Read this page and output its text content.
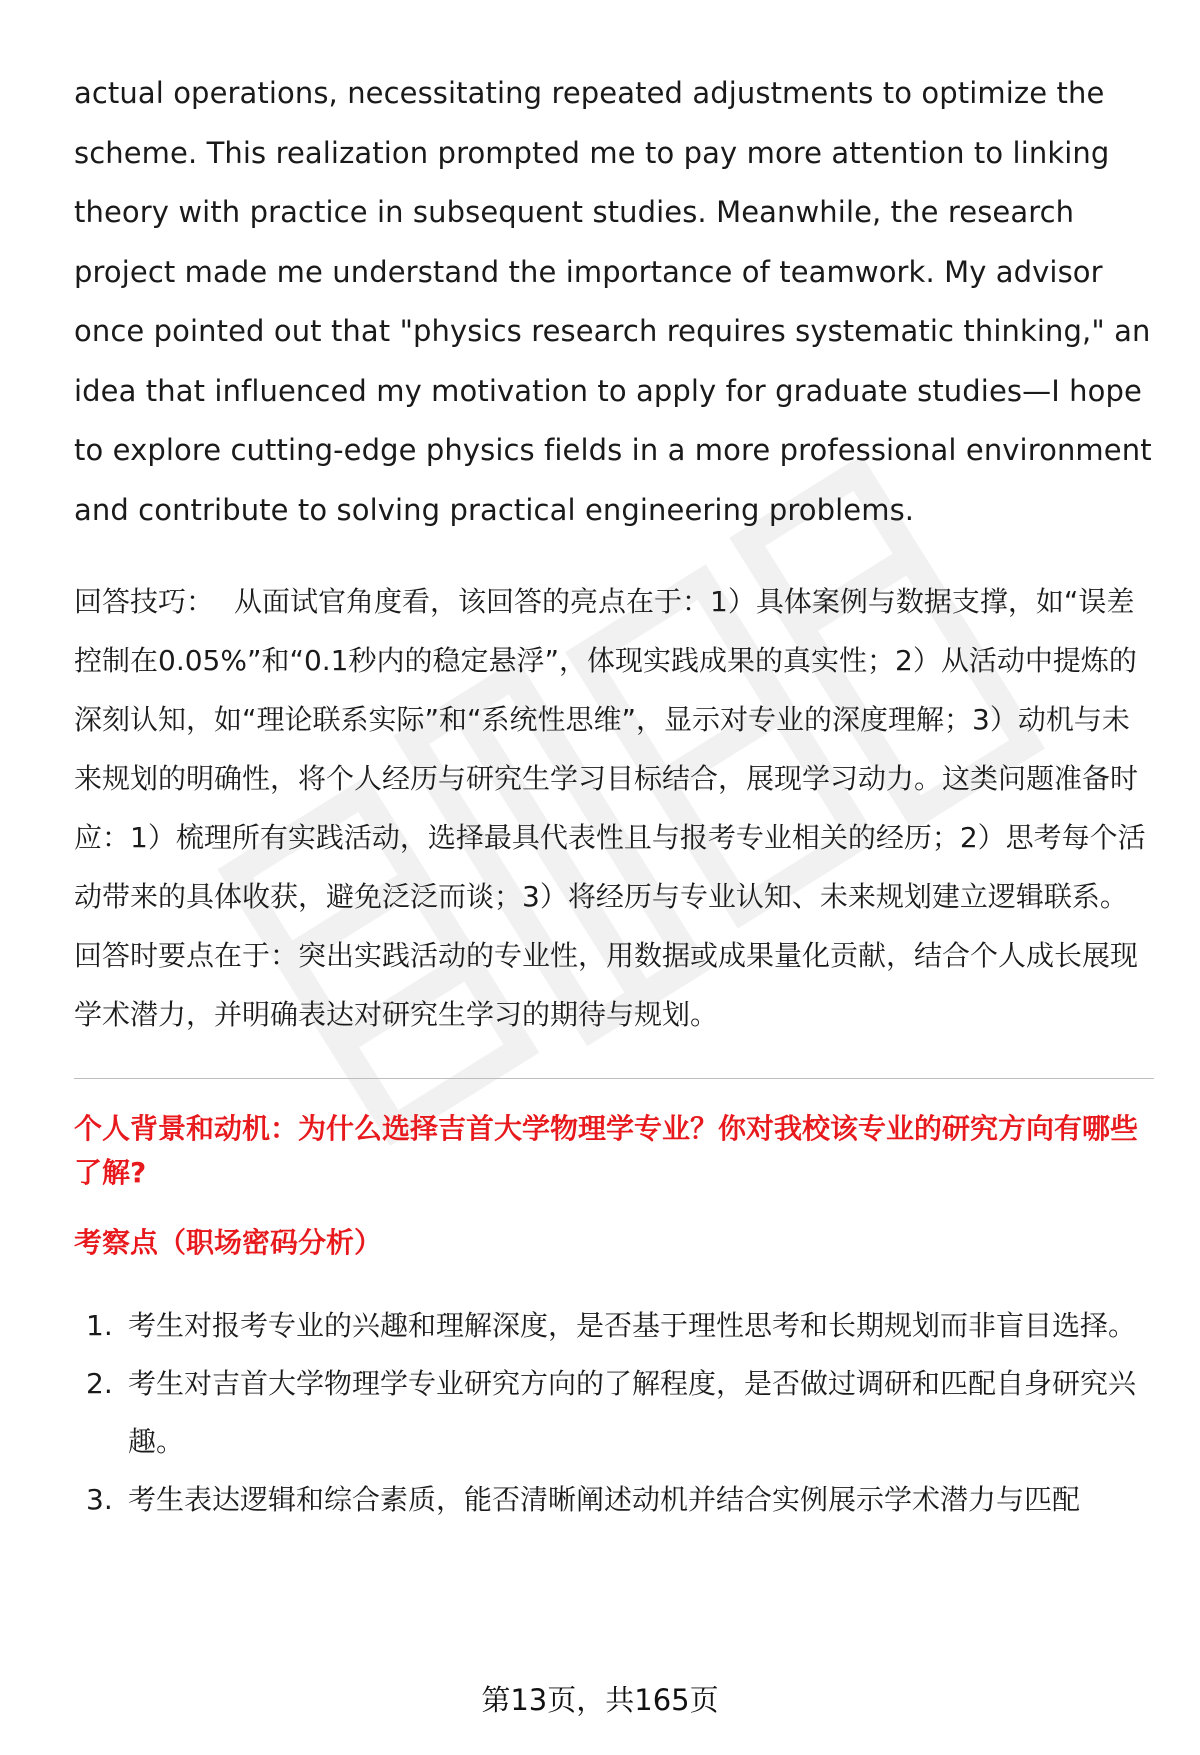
actual operations, necessitating repeated adjustments to optimize the scheme. This realization prompted me to pay more attention to linking theory with practice in subsequent studies. Meanwhile, the research project made me understand the importance of teamwork. My advisor once pointed out that "physics research requires systematic thinking," an idea that influenced my motivation to apply for graduate studies—I hope to explore cutting-edge physics fields in a more professional environment and contribute to solving practical engineering problems.

回答技巧： 从面试官角度看，该回答的亮点在于：1）具体案例与数据支撑，如“误差控制在0.05%”和“0.1秒内的稳定悬浮”，体现实践成果的真实性；2）从活动中提炼的深刻认知，如“理论联系实际”和“系统性思维”，显示对专业的深度理解；3）动机与未来规划的明确性，将个人经历与研究生学习目标结合，展现学习动力。这类问题准备时应：1）梳理所有实践活动，选择最具代表性且与报考专业相关的经历；2）思考每个活动带来的具体收获，避免泛泛而谈；3）将经历与专业认知、未来规划建立逻辑联系。回答时要点在于：突出实践活动的专业性，用数据或成果量化贡献，结合个人成长展现学术潜力，并明确表达对研究生学习的期待与规划。
个人背景和动机：为什么选择吉首大学物理学专业？你对我校该专业的研究方向有哪些了解?
考察点（职场密码分析）
1. 考生对报考专业的兴趣和理解深度，是否基于理性思考和长期规划而非盲目选择。
2. 考生对吉首大学物理学专业研究方向的了解程度，是否做过调研和匹配自身研究兴趣。
3. 考生表达逻辑和综合素质，能否清晰阐述动机并结合实例展示学术潜力与匹配
第13页，共165页
